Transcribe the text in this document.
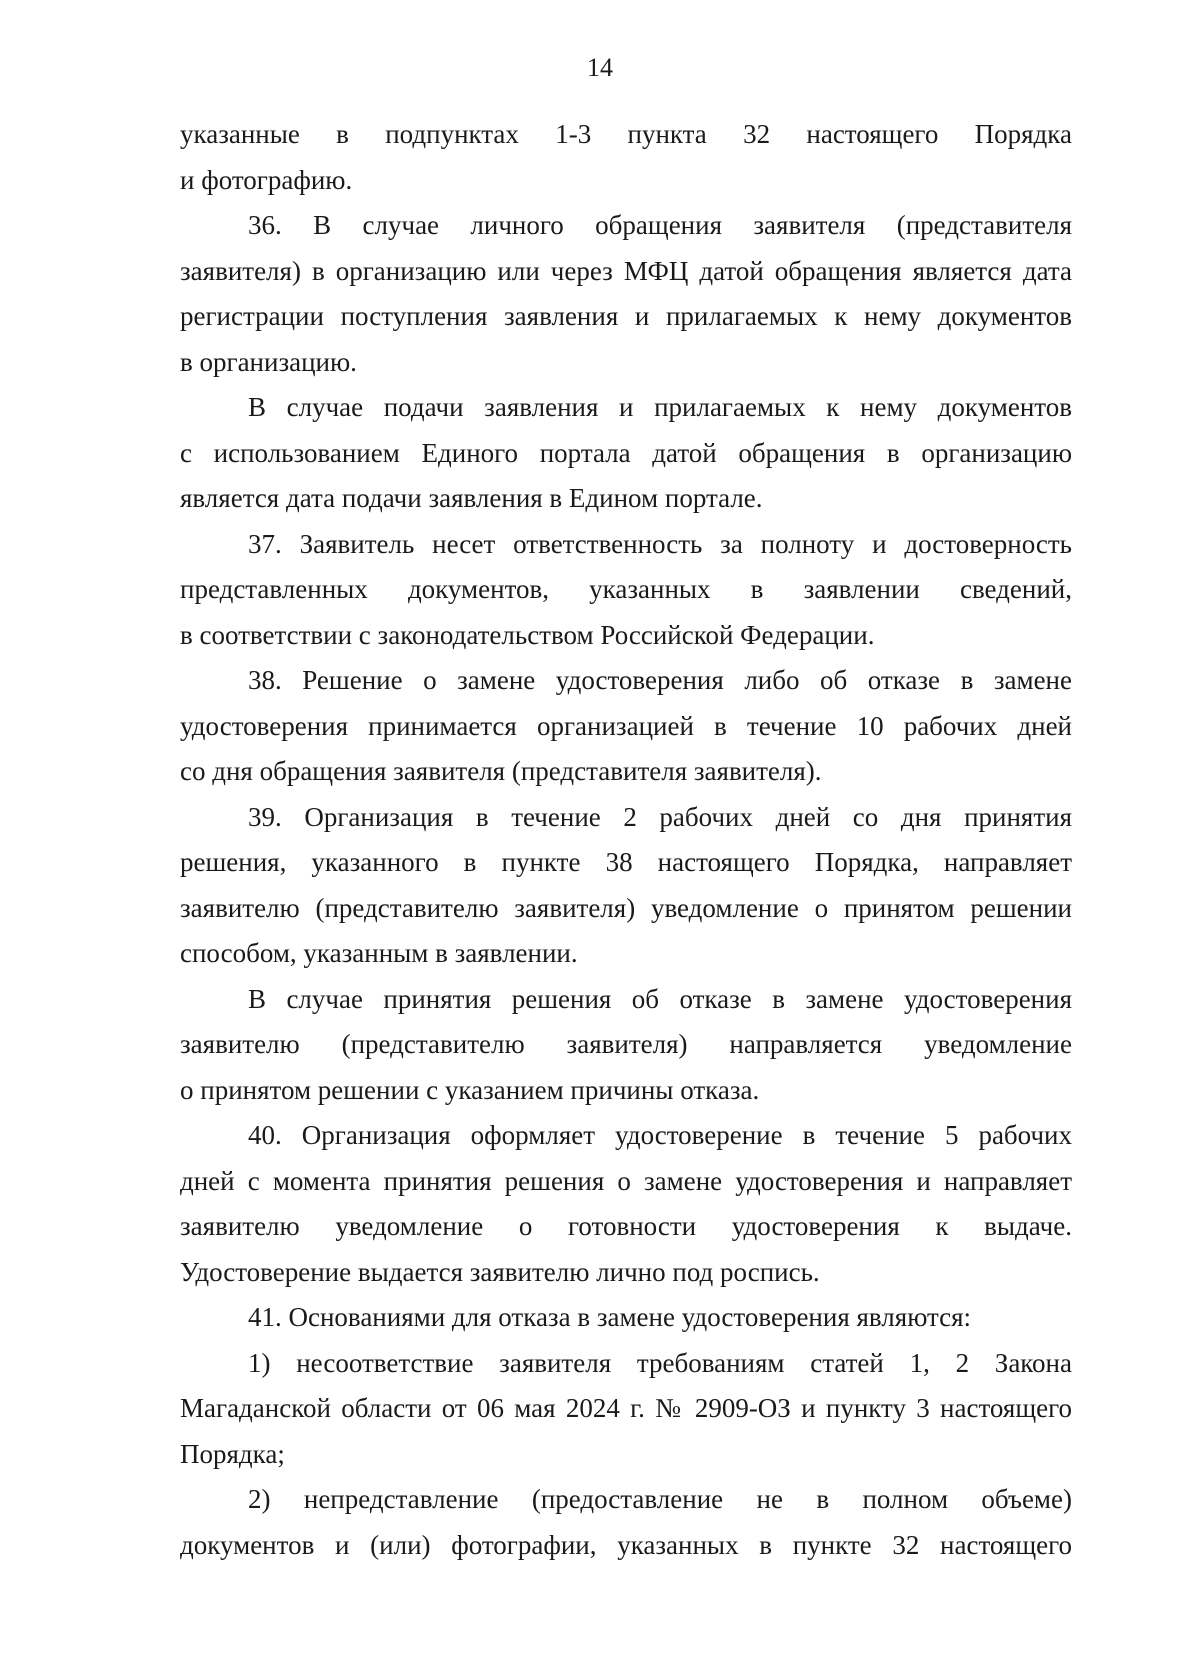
14
указанные в подпунктах 1-3 пункта 32 настоящего Порядка
и фотографию.
36. В случае личного обращения заявителя (представителя
заявителя) в организацию или через МФЦ датой обращения является дата
регистрации поступления заявления и прилагаемых к нему документов
в организацию.
В случае подачи заявления и прилагаемых к нему документов
с использованием Единого портала датой обращения в организацию
является дата подачи заявления в Едином портале.
37. Заявитель несет ответственность за полноту и достоверность
представленных документов, указанных в заявлении сведений,
в соответствии с законодательством Российской Федерации.
38. Решение о замене удостоверения либо об отказе в замене
удостоверения принимается организацией в течение 10 рабочих дней
со дня обращения заявителя (представителя заявителя).
39. Организация в течение 2 рабочих дней со дня принятия
решения, указанного в пункте 38 настоящего Порядка, направляет
заявителю (представителю заявителя) уведомление о принятом решении
способом, указанным в заявлении.
В случае принятия решения об отказе в замене удостоверения
заявителю (представителю заявителя) направляется уведомление
о принятом решении с указанием причины отказа.
40. Организация оформляет удостоверение в течение 5 рабочих
дней с момента принятия решения о замене удостоверения и направляет
заявителю уведомление о готовности удостоверения к выдаче.
Удостоверение выдается заявителю лично под роспись.
41. Основаниями для отказа в замене удостоверения являются:
1) несоответствие заявителя требованиям статей 1, 2 Закона
Магаданской области от 06 мая 2024 г. № 2909-ОЗ и пункту 3 настоящего
Порядка;
2) непредставление (предоставление не в полном объеме)
документов и (или) фотографии, указанных в пункте 32 настоящего
